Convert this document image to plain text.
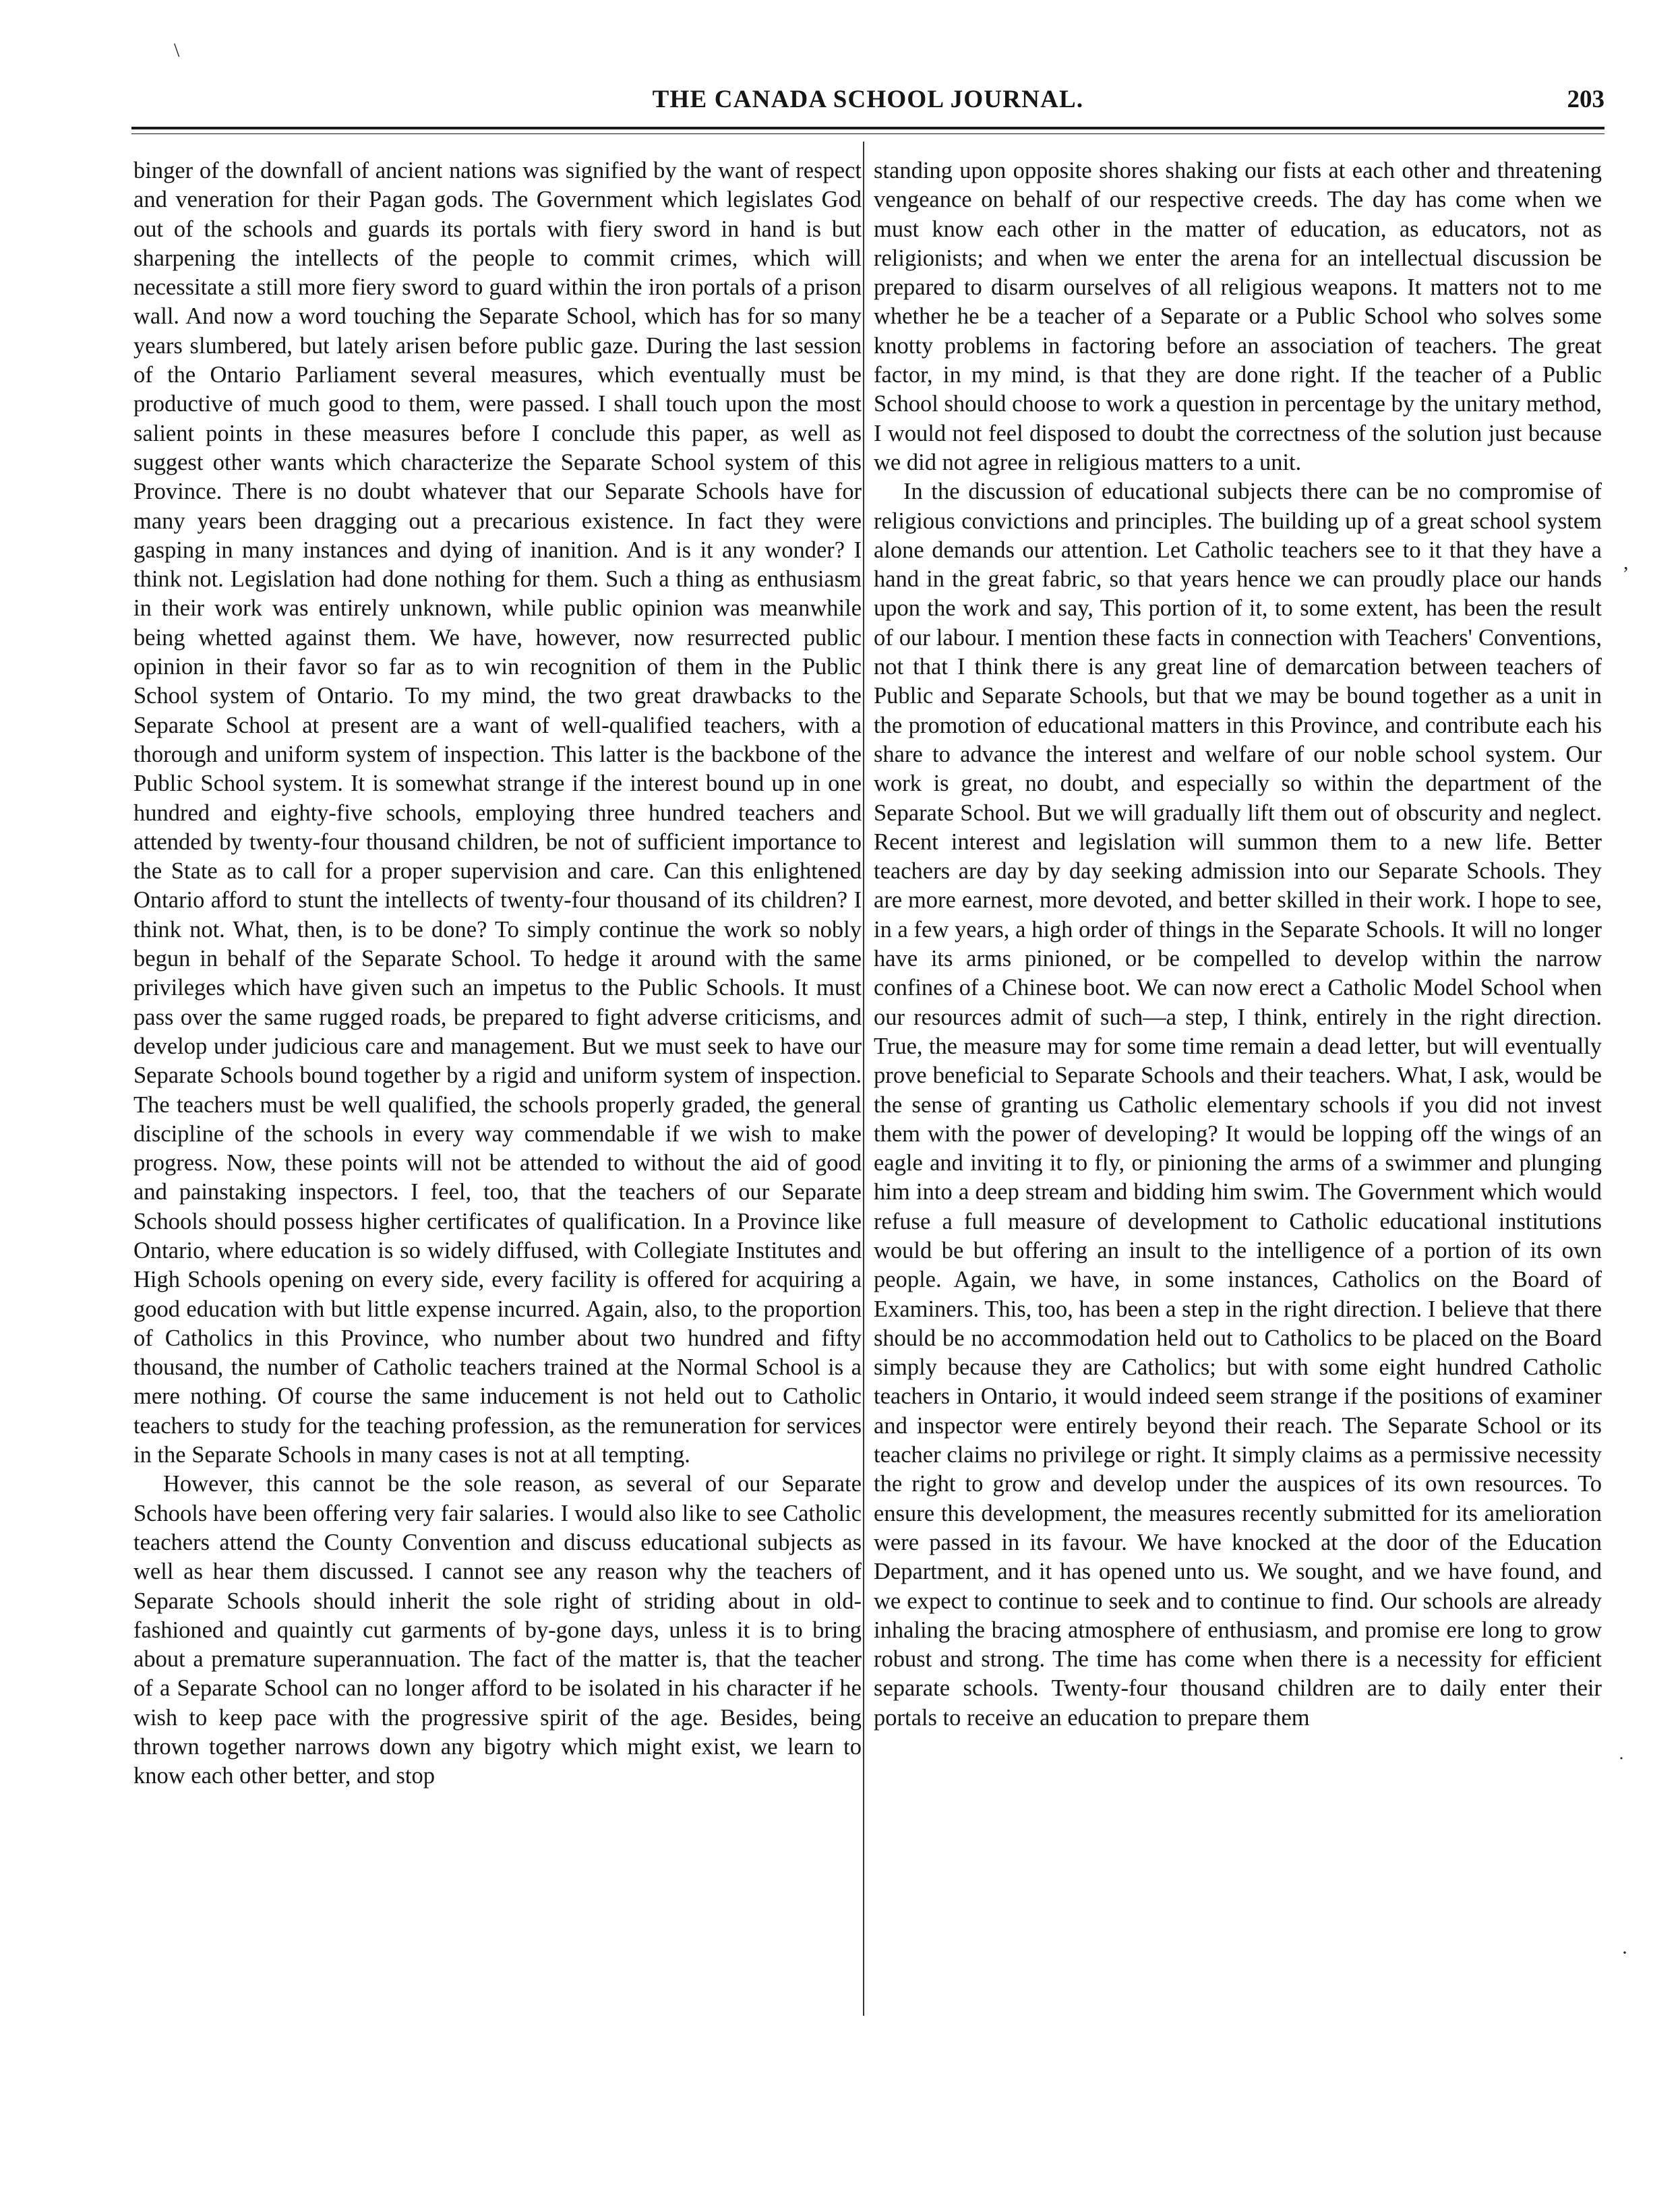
THE CANADA SCHOOL JOURNAL.	203

binger of the downfall of ancient nations was signified by the want of respect and veneration for their Pagan gods. The Government which legislates God out of the schools and guards its portals with fiery sword in hand is but sharpening the intellects of the people to commit crimes, which will necessitate a still more fiery sword to guard within the iron portals of a prison wall. And now a word touching the Separate School, which has for so many years slumbered, but lately arisen before public gaze. During the last session of the Ontario Parliament several measures, which eventually must be productive of much good to them, were passed. I shall touch upon the most salient points in these measures before I conclude this paper, as well as suggest other wants which characterize the Separate School system of this Province. There is no doubt whatever that our Separate Schools have for many years been dragging out a precarious existence. In fact they were gasping in many instances and dying of inanition. And is it any wonder? I think not. Legislation had done nothing for them. Such a thing as enthusiasm in their work was entirely unknown, while public opinion was meanwhile being whetted against them. We have, however, now resurrected public opinion in their favor so far as to win recognition of them in the Public School system of Ontario. To my mind, the two great drawbacks to the Separate School at present are a want of well-qualified teachers, with a thorough and uniform system of inspection. This latter is the backbone of the Public School system. It is somewhat strange if the interest bound up in one hundred and eighty-five schools, employing three hundred teachers and attended by twenty-four thousand children, be not of sufficient importance to the State as to call for a proper supervision and care. Can this enlightened Ontario afford to stunt the intellects of twenty-four thousand of its children? I think not. What, then, is to be done? To simply continue the work so nobly begun in behalf of the Separate School. To hedge it around with the same privileges which have given such an impetus to the Public Schools. It must pass over the same rugged roads, be prepared to fight adverse criticisms, and develop under judicious care and management. But we must seek to have our Separate Schools bound together by a rigid and uniform system of inspection. The teachers must be well qualified, the schools properly graded, the general discipline of the schools in every way commendable if we wish to make progress. Now, these points will not be attended to without the aid of good and painstaking inspectors. I feel, too, that the teachers of our Separate Schools should possess higher certificates of qualification. In a Province like Ontario, where education is so widely diffused, with Collegiate Institutes and High Schools opening on every side, every facility is offered for acquiring a good education with but little expense incurred. Again, also, to the proportion of Catholics in this Province, who number about two hundred and fifty thousand, the number of Catholic teachers trained at the Normal School is a mere nothing. Of course the same inducement is not held out to Catholic teachers to study for the teaching profession, as the remuneration for services in the Separate Schools in many cases is not at all tempting.

However, this cannot be the sole reason, as several of our Separate Schools have been offering very fair salaries. I would also like to see Catholic teachers attend the County Convention and discuss educational subjects as well as hear them discussed. I cannot see any reason why the teachers of Separate Schools should inherit the sole right of striding about in old-fashioned and quaintly cut garments of by-gone days, unless it is to bring about a premature superannuation. The fact of the matter is, that the teacher of a Separate School can no longer afford to be isolated in his character if he wish to keep pace with the progressive spirit of the age. Besides, being thrown together narrows down any bigotry which might exist, we learn to know each other better, and stop

standing upon opposite shores shaking our fists at each other and threatening vengeance on behalf of our respective creeds. The day has come when we must know each other in the matter of education, as educators, not as religionists; and when we enter the arena for an intellectual discussion be prepared to disarm ourselves of all religious weapons. It matters not to me whether he be a teacher of a Separate or a Public School who solves some knotty problems in factoring before an association of teachers. The great factor, in my mind, is that they are done right. If the teacher of a Public School should choose to work a question in percentage by the unitary method, I would not feel disposed to doubt the correctness of the solution just because we did not agree in religious matters to a unit.

In the discussion of educational subjects there can be no compromise of religious convictions and principles. The building up of a great school system alone demands our attention. Let Catholic teachers see to it that they have a hand in the great fabric, so that years hence we can proudly place our hands upon the work and say, This portion of it, to some extent, has been the result of our labour. I mention these facts in connection with Teachers' Conventions, not that I think there is any great line of demarcation between teachers of Public and Separate Schools, but that we may be bound together as a unit in the promotion of educational matters in this Province, and contribute each his share to advance the interest and welfare of our noble school system. Our work is great, no doubt, and especially so within the department of the Separate School. But we will gradually lift them out of obscurity and neglect. Recent interest and legislation will summon them to a new life. Better teachers are day by day seeking admission into our Separate Schools. They are more earnest, more devoted, and better skilled in their work. I hope to see, in a few years, a high order of things in the Separate Schools. It will no longer have its arms pinioned, or be compelled to develop within the narrow confines of a Chinese boot. We can now erect a Catholic Model School when our resources admit of such—a step, I think, entirely in the right direction. True, the measure may for some time remain a dead letter, but will eventually prove beneficial to Separate Schools and their teachers. What, I ask, would be the sense of granting us Catholic elementary schools if you did not invest them with the power of developing? It would be lopping off the wings of an eagle and inviting it to fly, or pinioning the arms of a swimmer and plunging him into a deep stream and bidding him swim. The Government which would refuse a full measure of development to Catholic educational institutions would be but offering an insult to the intelligence of a portion of its own people. Again, we have, in some instances, Catholics on the Board of Examiners. This, too, has been a step in the right direction. I believe that there should be no accommodation held out to Catholics to be placed on the Board simply because they are Catholics; but with some eight hundred Catholic teachers in Ontario, it would indeed seem strange if the positions of examiner and inspector were entirely beyond their reach. The Separate School or its teacher claims no privilege or right. It simply claims as a permissive necessity the right to grow and develop under the auspices of its own resources. To ensure this development, the measures recently submitted for its amelioration were passed in its favour. We have knocked at the door of the Education Department, and it has opened unto us. We sought, and we have found, and we expect to continue to seek and to continue to find. Our schools are already inhaling the bracing atmosphere of enthusiasm, and promise ere long to grow robust and strong. The time has come when there is a necessity for efficient separate schools. Twenty-four thousand children are to daily enter their portals to receive an education to prepare them

\
,
˙
·
